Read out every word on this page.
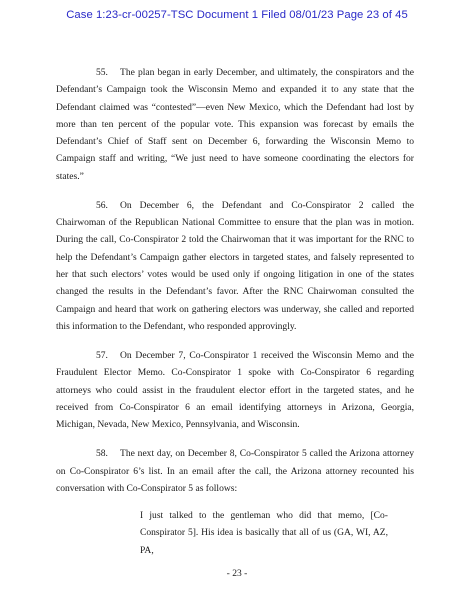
Case 1:23-cr-00257-TSC Document 1 Filed 08/01/23 Page 23 of 45

55. The plan began in early December, and ultimately, the conspirators and the Defendant’s Campaign took the Wisconsin Memo and expanded it to any state that the Defendant claimed was “contested”—even New Mexico, which the Defendant had lost by more than ten percent of the popular vote. This expansion was forecast by emails the Defendant’s Chief of Staff sent on December 6, forwarding the Wisconsin Memo to Campaign staff and writing, “We just need to have someone coordinating the electors for states.”

56. On December 6, the Defendant and Co-Conspirator 2 called the Chairwoman of the Republican National Committee to ensure that the plan was in motion. During the call, Co-Conspirator 2 told the Chairwoman that it was important for the RNC to help the Defendant’s Campaign gather electors in targeted states, and falsely represented to her that such electors’ votes would be used only if ongoing litigation in one of the states changed the results in the Defendant’s favor. After the RNC Chairwoman consulted the Campaign and heard that work on gathering electors was underway, she called and reported this information to the Defendant, who responded approvingly.

57. On December 7, Co-Conspirator 1 received the Wisconsin Memo and the Fraudulent Elector Memo. Co-Conspirator 1 spoke with Co-Conspirator 6 regarding attorneys who could assist in the fraudulent elector effort in the targeted states, and he received from Co-Conspirator 6 an email identifying attorneys in Arizona, Georgia, Michigan, Nevada, New Mexico, Pennsylvania, and Wisconsin.

58. The next day, on December 8, Co-Conspirator 5 called the Arizona attorney on Co-Conspirator 6’s list. In an email after the call, the Arizona attorney recounted his conversation with Co-Conspirator 5 as follows:

I just talked to the gentleman who did that memo, [Co-Conspirator 5]. His idea is basically that all of us (GA, WI, AZ, PA,

- 23 -
